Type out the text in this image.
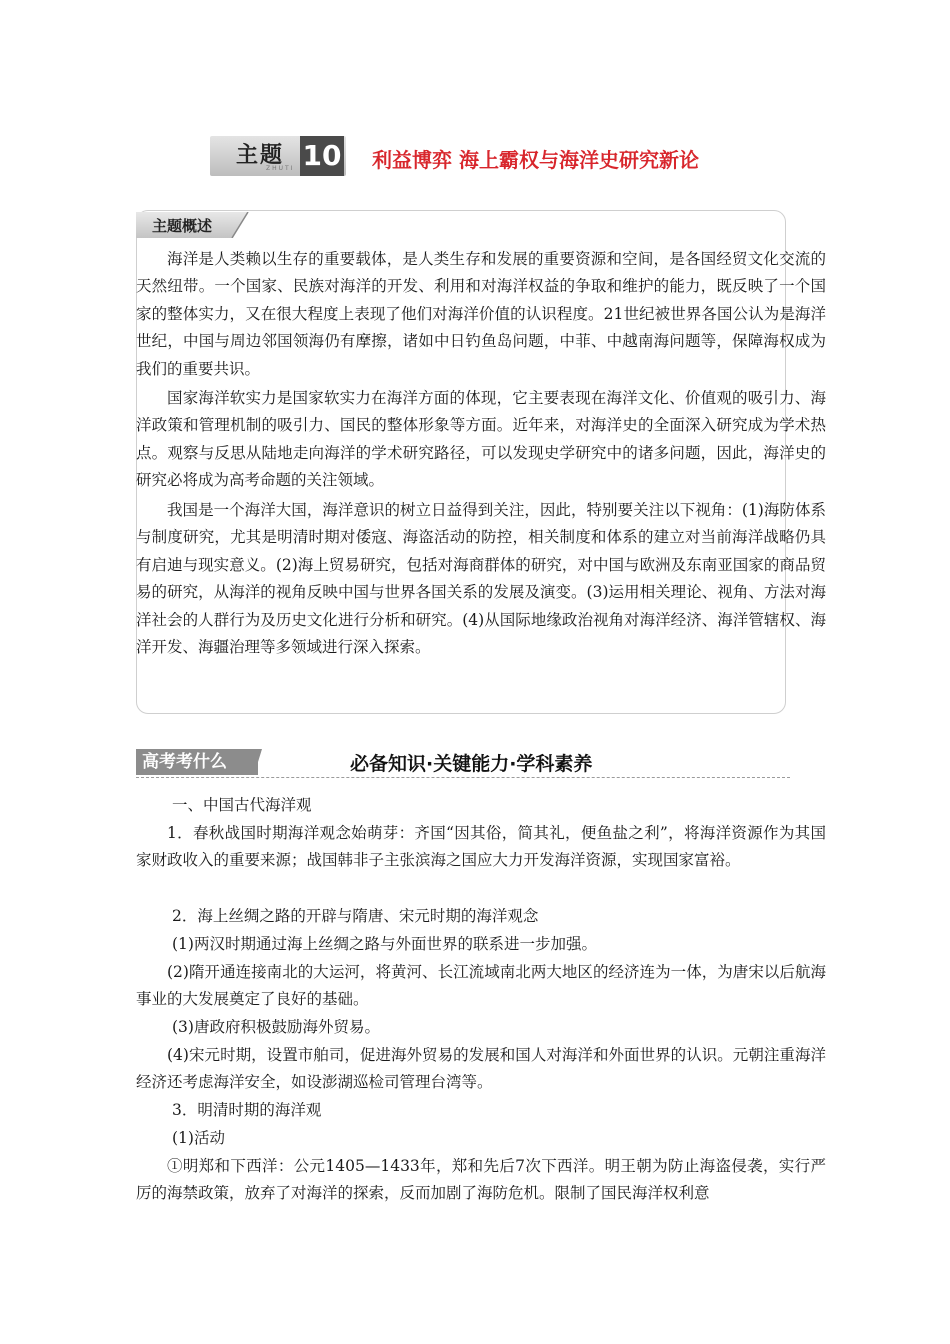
主题
ZHUTI 10 利益博弈 海上霸权与海洋史研究新论
主题概述

海洋是人类赖以生存的重要载体，是人类生存和发展的重要资源和空间，是各国经贸文化交流的天然纽带。一个国家、民族对海洋的开发、利用和对海洋权益的争取和维护的能力，既反映了一个国家的整体实力，又在很大程度上表现了他们对海洋价值的认识程度。21世纪被世界各国公认为是海洋世纪，中国与周边邻国领海仍有摩擦，诸如中日钓鱼岛问题，中菲、中越南海问题等，保障海权成为我们的重要共识。

国家海洋软实力是国家软实力在海洋方面的体现，它主要表现在海洋文化、价值观的吸引力、海洋政策和管理机制的吸引力、国民的整体形象等方面。近年来，对海洋史的全面深入研究成为学术热点。观察与反思从陆地走向海洋的学术研究路径，可以发现史学研究中的诸多问题，因此，海洋史的研究必将成为高考命题的关注领域。

我国是一个海洋大国，海洋意识的树立日益得到关注，因此，特别要关注以下视角：(1)海防体系与制度研究，尤其是明清时期对倭寇、海盗活动的防控，相关制度和体系的建立对当前海洋战略仍具有启迪与现实意义。(2)海上贸易研究，包括对海商群体的研究，对中国与欧洲及东南亚国家的商品贸易的研究，从海洋的视角反映中国与世界各国关系的发展及演变。(3)运用相关理论、视角、方法对海洋社会的人群行为及历史文化进行分析和研究。(4)从国际地缘政治视角对海洋经济、海洋管辖权、海洋开发、海疆治理等多领域进行深入探索。

高考考什么	必备知识·关键能力·学科素养
一、中国古代海洋观

1．春秋战国时期海洋观念始萌芽：齐国“因其俗，简其礼，便鱼盐之利”，将海洋资源作为其国家财政收入的重要来源；战国韩非子主张滨海之国应大力开发海洋资源，实现国家富裕。

2．海上丝绸之路的开辟与隋唐、宋元时期的海洋观念
(1)两汉时期通过海上丝绸之路与外面世界的联系进一步加强。

(2)隋开通连接南北的大运河，将黄河、长江流域南北两大地区的经济连为一体，为唐宋以后航海事业的大发展奠定了良好的基础。

(3)唐政府积极鼓励海外贸易。

(4)宋元时期，设置市舶司，促进海外贸易的发展和国人对海洋和外面世界的认识。元朝注重海洋经济还考虑海洋安全，如设澎湖巡检司管理台湾等。

3．明清时期的海洋观
(1)活动

①明郑和下西洋：公元1405—1433年，郑和先后7次下西洋。明王朝为防止海盗侵袭，实行严厉的海禁政策，放弃了对海洋的探索，反而加剧了海防危机。限制了国民海洋权利意
